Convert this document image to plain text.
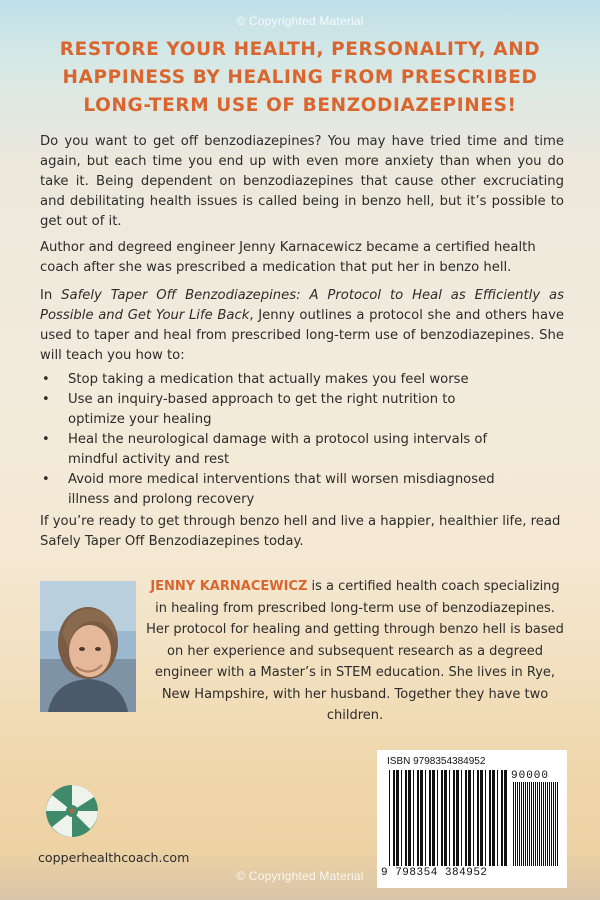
© Copyrighted Material
RESTORE YOUR HEALTH, PERSONALITY, AND
HAPPINESS BY HEALING FROM PRESCRIBED
LONG-TERM USE OF BENZODIAZEPINES!
Do you want to get off benzodiazepines? You may have tried time and time again, but each time you end up with even more anxiety than when you do take it. Being dependent on benzodiazepines that cause other excruciating and debilitating health issues is called being in benzo hell, but it’s possible to get out of it.
Author and degreed engineer Jenny Karnacewicz became a certified health coach after she was prescribed a medication that put her in benzo hell.
In Safely Taper Off Benzodiazepines: A Protocol to Heal as Efficiently as Possible and Get Your Life Back, Jenny outlines a protocol she and others have used to taper and heal from prescribed long-term use of benzodiazepines. She will teach you how to:
• Stop taking a medication that actually makes you feel worse
• Use an inquiry-based approach to get the right nutrition to optimize your healing
• Heal the neurological damage with a protocol using intervals of mindful activity and rest
• Avoid more medical interventions that will worsen misdiagnosed illness and prolong recovery
If you’re ready to get through benzo hell and live a happier, healthier life, read Safely Taper Off Benzodiazepines today.
JENNY KARNACEWICZ is a certified health coach specializing in healing from prescribed long-term use of benzodiazepines. Her protocol for healing and getting through benzo hell is based on her experience and subsequent research as a degreed engineer with a Master’s in STEM education. She lives in Rye, New Hampshire, with her husband. Together they have two children.
copperhealthcoach.com
ISBN 9798354384952
90000
9 798354 384952
© Copyrighted Material
